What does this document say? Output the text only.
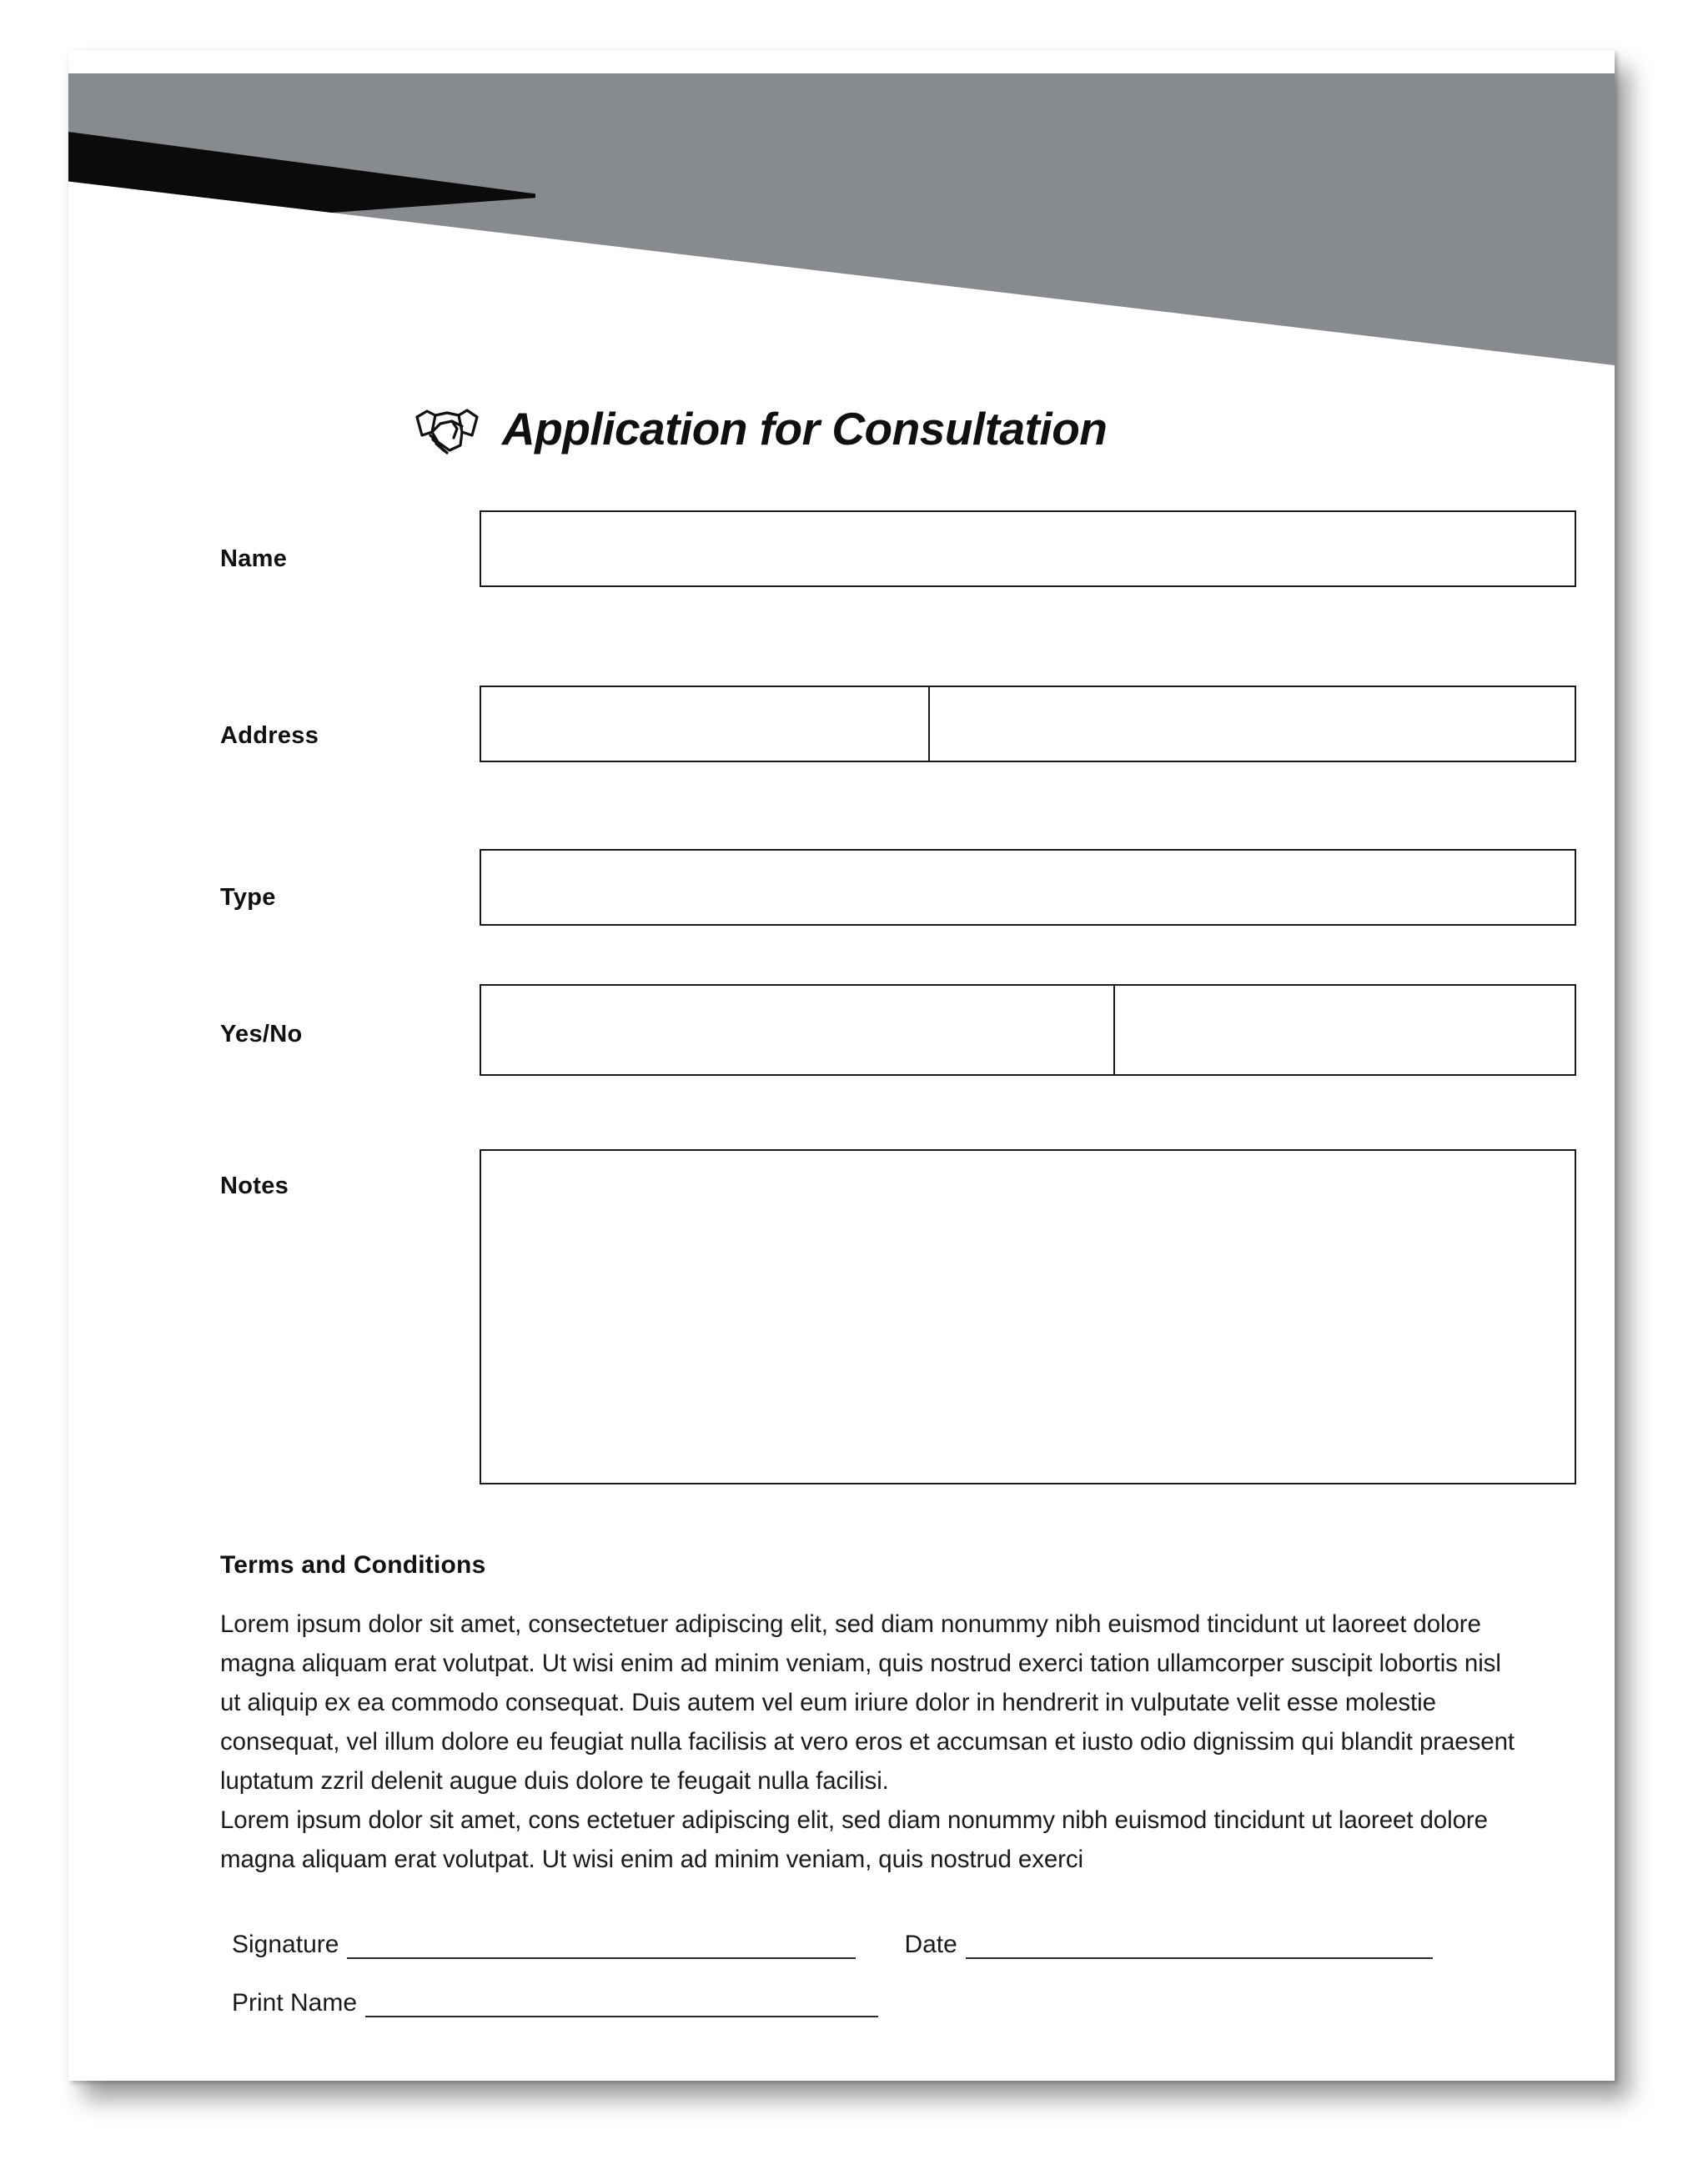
Application for Consultation
Name
Address
Type
Yes/No
Notes
Terms and Conditions

Lorem ipsum dolor sit amet, consectetuer adipiscing elit, sed diam nonummy nibh euismod tincidunt ut laoreet dolore magna aliquam erat volutpat. Ut wisi enim ad minim veniam, quis nostrud exerci tation ullamcorper suscipit lobortis nisl ut aliquip ex ea commodo consequat. Duis autem vel eum iriure dolor in hendrerit in vulputate velit esse molestie consequat, vel illum dolore eu feugiat nulla facilisis at vero eros et accumsan et iusto odio dignissim qui blandit praesent luptatum zzril delenit augue duis dolore te feugait nulla facilisi.

Lorem ipsum dolor sit amet, cons ectetuer adipiscing elit, sed diam nonummy nibh euismod tincidunt ut laoreet dolore magna aliquam erat volutpat. Ut wisi enim ad minim veniam, quis nostrud exerci

Signature	Date
Print Name
